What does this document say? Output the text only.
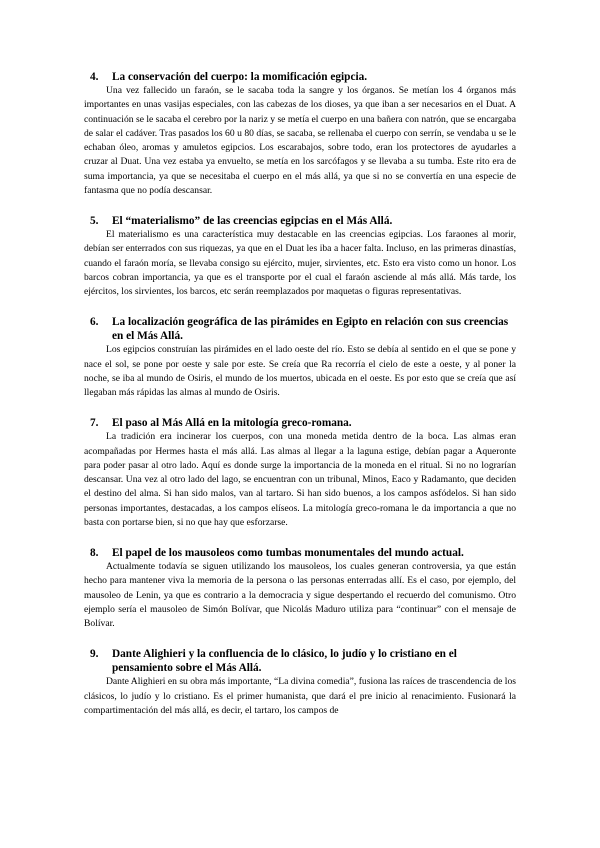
4.	La conservación del cuerpo: la momificación egipcia.

Una vez fallecido un faraón, se le sacaba toda la sangre y los órganos. Se metían los 4 órganos más importantes en unas vasijas especiales, con las cabezas de los dioses, ya que iban a ser necesarios en el Duat. A continuación se le sacaba el cerebro por la nariz y se metía el cuerpo en una bañera con natrón, que se encargaba de salar el cadáver. Tras pasados los 60 u 80 días, se sacaba, se rellenaba el cuerpo con serrín, se vendaba u se le echaban óleo, aromas y amuletos egipcios. Los escarabajos, sobre todo, eran los protectores de ayudarles a cruzar al Duat. Una vez estaba ya envuelto, se metía en los sarcófagos y se llevaba a su tumba. Este rito era de suma importancia, ya que se necesitaba el cuerpo en el más allá, ya que si no se convertía en una especie de fantasma que no podía descansar.

5.	El “materialismo” de las creencias egipcias en el Más Allá.

El materialismo es una característica muy destacable en las creencias egipcias. Los faraones al morir, debían ser enterrados con sus riquezas, ya que en el Duat les iba a hacer falta. Incluso, en las primeras dinastías, cuando el faraón moría, se llevaba consigo su ejército, mujer, sirvientes, etc. Esto era visto como un honor. Los barcos cobran importancia, ya que es el transporte por el cual el faraón asciende al más allá. Más tarde, los ejércitos, los sirvientes, los barcos, etc serán reemplazados por maquetas o figuras representativas.

6.	La localización geográfica de las pirámides en Egipto en relación con sus creencias en el Más Allá.

Los egipcios construían las pirámides en el lado oeste del río. Esto se debía al sentido en el que se pone y nace el sol, se pone por oeste y sale por este. Se creía que Ra recorría el cielo de este a oeste, y al poner la noche, se iba al mundo de Osiris, el mundo de los muertos, ubicada en el oeste. Es por esto que se creía que así llegaban más rápidas las almas al mundo de Osiris.

7.	El paso al Más Allá en la mitología greco-romana.

La tradición era incinerar los cuerpos, con una moneda metida dentro de la boca. Las almas eran acompañadas por Hermes hasta el más allá. Las almas al llegar a la laguna estige, debían pagar a Aqueronte para poder pasar al otro lado. Aquí es donde surge la importancia de la moneda en el ritual. Si no no lograrían descansar. Una vez al otro lado del lago, se encuentran con un tribunal, Minos, Eaco y Radamanto, que deciden el destino del alma. Si han sido malos, van al tartaro. Si han sido buenos, a los campos asfódelos. Si han sido personas importantes, destacadas, a los campos elíseos. La mitología greco-romana le da importancia a que no basta con portarse bien, si no que hay que esforzarse.

8.	El papel de los mausoleos como tumbas monumentales del mundo actual.

Actualmente todavía se siguen utilizando los mausoleos, los cuales generan controversia, ya que están hecho para mantener viva la memoria de la persona o las personas enterradas allí. Es el caso, por ejemplo, del mausoleo de Lenin, ya que es contrario a la democracia y sigue despertando el recuerdo del comunismo. Otro ejemplo sería el mausoleo de Simón Bolívar, que Nicolás Maduro utiliza para “continuar” con el mensaje de Bolívar.

9.	Dante Alighieri y la confluencia de lo clásico, lo judío y lo cristiano en el pensamiento sobre el Más Allá.

Dante Alighieri en su obra más importante, “La divina comedia”, fusiona las raíces de trascendencia de los clásicos, lo judío y lo cristiano. Es el primer humanista, que dará el pre inicio al renacimiento. Fusionará la compartimentación del más allá, es decir, el tartaro, los campos de
